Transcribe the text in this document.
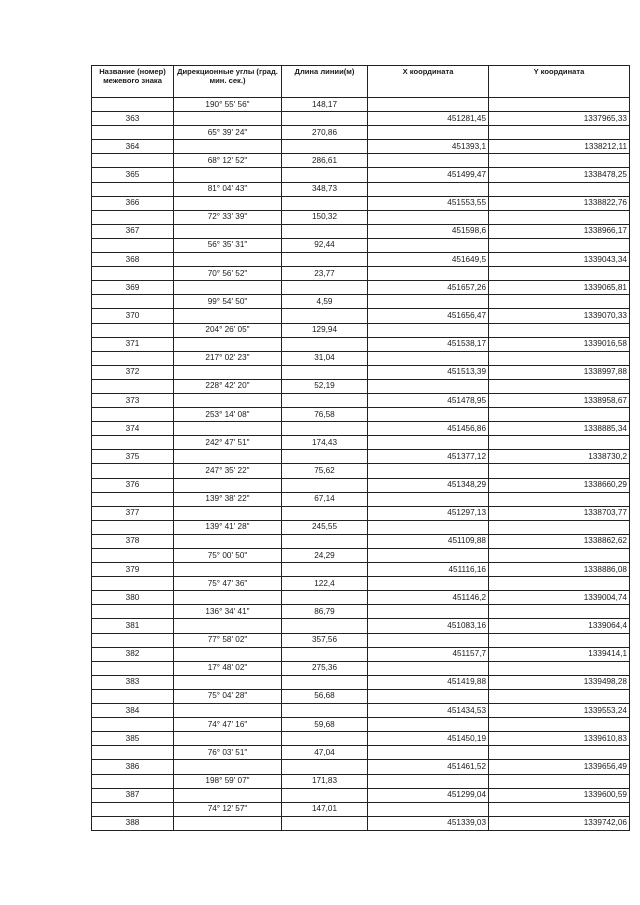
Название (номер) межевого знака	Дирекционные углы (град. мин. сек.)	Длина линии(м)	X координата	Y координата
	190° 55' 56"	148,17		
363			451281,45	1337965,33
	65° 39' 24"	270,86		
364			451393,1	1338212,11
	68° 12' 52"	286,61		
365			451499,47	1338478,25
	81° 04' 43"	348,73		
366			451553,55	1338822,76
	72° 33' 39"	150,32		
367			451598,6	1338966,17
	56° 35' 31"	92,44		
368			451649,5	1339043,34
	70° 56' 52"	23,77		
369			451657,26	1339065,81
	99° 54' 50"	4,59		
370			451656,47	1339070,33
	204° 26' 05"	129,94		
371			451538,17	1339016,58
	217° 02' 23"	31,04		
372			451513,39	1338997,88
	228° 42' 20"	52,19		
373			451478,95	1338958,67
	253° 14' 08"	76,58		
374			451456,86	1338885,34
	242° 47' 51"	174,43		
375			451377,12	1338730,2
	247° 35' 22"	75,62		
376			451348,29	1338660,29
	139° 38' 22"	67,14		
377			451297,13	1338703,77
	139° 41' 28"	245,55		
378			451109,88	1338862,62
	75° 00' 50"	24,29		
379			451116,16	1338886,08
	75° 47' 36"	122,4		
380			451146,2	1339004,74
	136° 34' 41"	86,79		
381			451083,16	1339064,4
	77° 58' 02"	357,56		
382			451157,7	1339414,1
	17° 48' 02"	275,36		
383			451419,88	1339498,28
	75° 04' 28"	56,68		
384			451434,53	1339553,24
	74° 47' 16"	59,68		
385			451450,19	1339610,83
	76° 03' 51"	47,04		
386			451461,52	1339656,49
	198° 59' 07"	171,83		
387			451299,04	1339600,59
	74° 12' 57"	147,01		
388			451339,03	1339742,06
